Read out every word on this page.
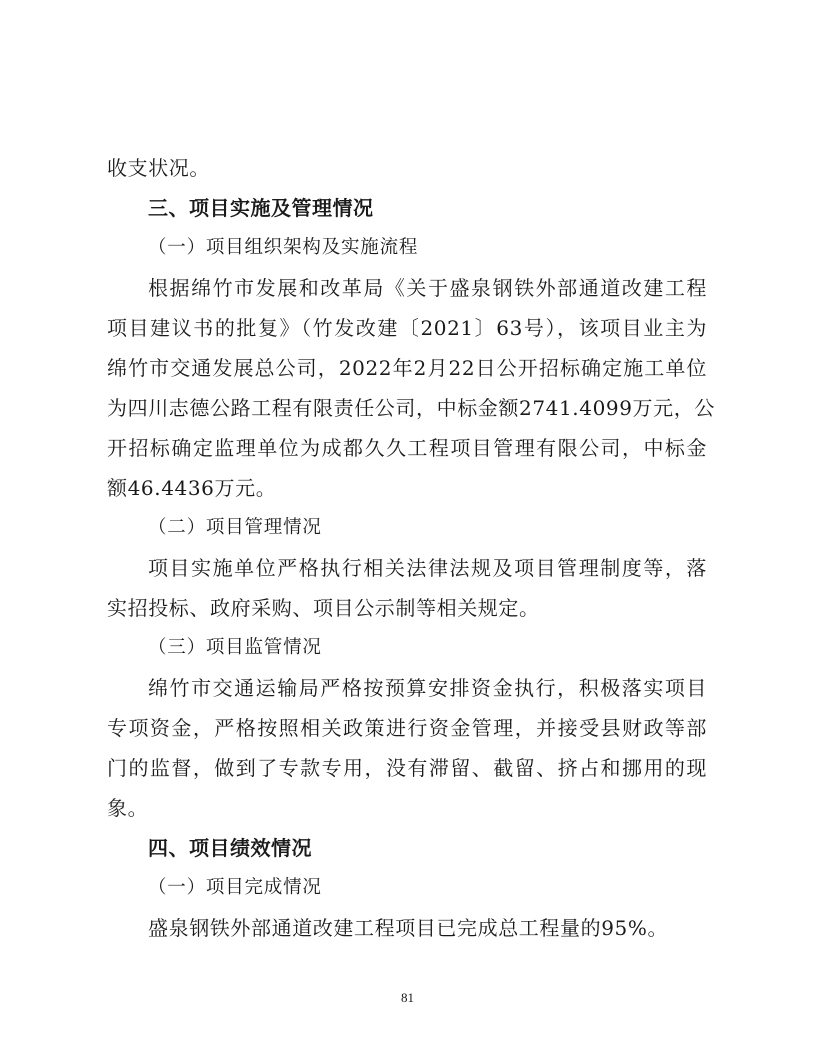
收支状况。
三、项目实施及管理情况
（一）项目组织架构及实施流程
根据绵竹市发展和改革局《关于盛泉钢铁外部通道改建工程
项目建议书的批复》（竹发改建〔2021〕63号），该项目业主为
绵竹市交通发展总公司，2022年2月22日公开招标确定施工单位
为四川志德公路工程有限责任公司，中标金额2741.4099万元，公
开招标确定监理单位为成都久久工程项目管理有限公司，中标金
额46.4436万元。
（二）项目管理情况
项目实施单位严格执行相关法律法规及项目管理制度等，落
实招投标、政府采购、项目公示制等相关规定。
（三）项目监管情况
绵竹市交通运输局严格按预算安排资金执行，积极落实项目
专项资金，严格按照相关政策进行资金管理，并接受县财政等部
门的监督，做到了专款专用，没有滞留、截留、挤占和挪用的现
象。
四、项目绩效情况
（一）项目完成情况
盛泉钢铁外部通道改建工程项目已完成总工程量的95%。
81
